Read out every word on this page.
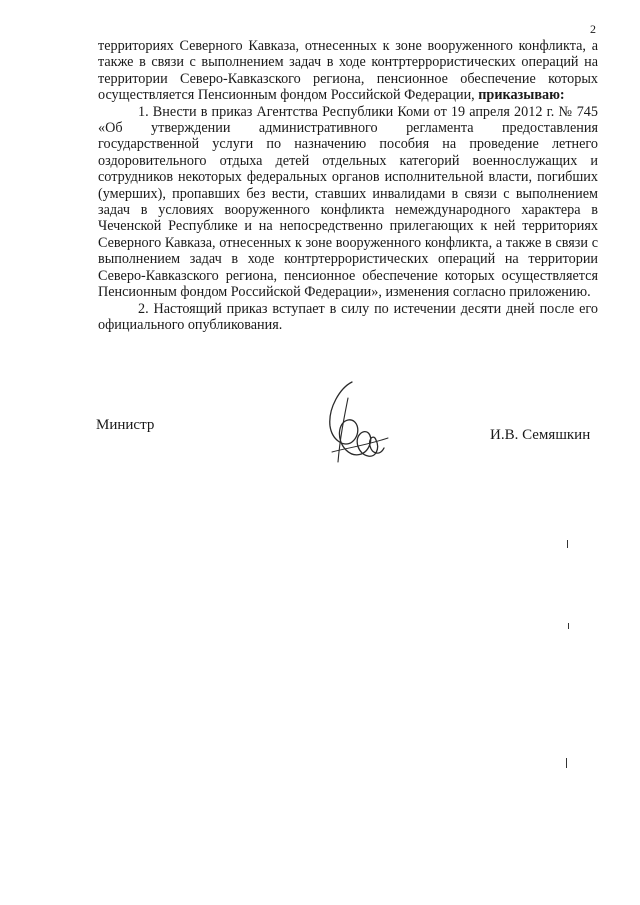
2

территориях Северного Кавказа, отнесенных к зоне вооруженного конфликта, а также в связи с выполнением задач в ходе контртеррористических операций на территории Северо-Кавказского региона, пенсионное обеспечение которых осуществляется Пенсионным фондом Российской Федерации, приказываю:

1. Внести в приказ Агентства Республики Коми от 19 апреля 2012 г. № 745 «Об утверждении административного регламента предоставления государственной услуги по назначению пособия на проведение летнего оздоровительного отдыха детей отдельных категорий военнослужащих и сотрудников некоторых федеральных органов исполнительной власти, погибших (умерших), пропавших без вести, ставших инвалидами в связи с выполнением задач в условиях вооруженного конфликта немеждународного характера в Чеченской Республике и на непосредственно прилегающих к ней территориях Северного Кавказа, отнесенных к зоне вооруженного конфликта, а также в связи с выполнением задач в ходе контртеррористических операций на территории Северо-Кавказского региона, пенсионное обеспечение которых осуществляется Пенсионным фондом Российской Федерации», изменения согласно приложению.

2. Настоящий приказ вступает в силу по истечении десяти дней после его официального опубликования.

Министр
И.В. Семяшкин
